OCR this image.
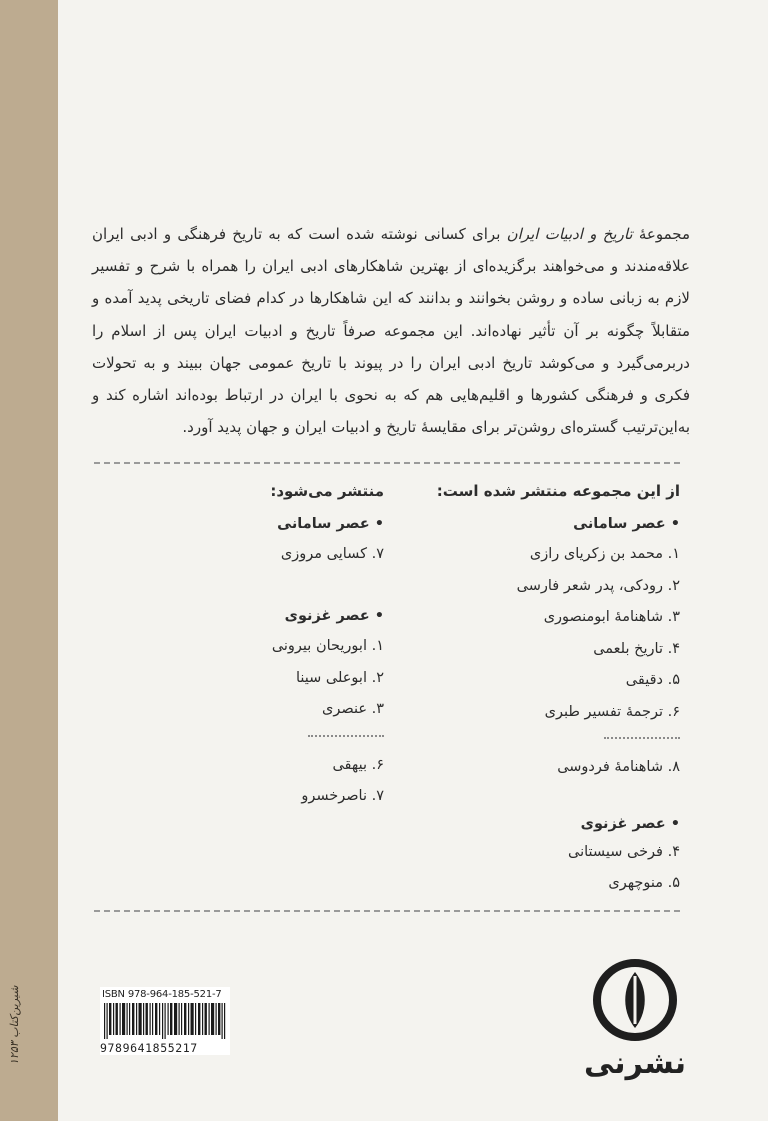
شیرین‌کتاب ۱۲۵۳
مجموعهٔ تاریخ و ادبیات ایران برای کسانی نوشته شده است که به تاریخ فرهنگی و ادبی ایران علاقه‌مندند و می‌خواهند برگزیده‌ای از بهترین شاهکارهای ادبی ایران را همراه با شرح و تفسیر لازم به زبانی ساده و روشن بخوانند و بدانند که این شاهکارها در کدام فضای تاریخی پدید آمده و متقابلاً چگونه بر آن تأثیر نهاده‌اند. این مجموعه صرفاً تاریخ و ادبیات ایران پس از اسلام را دربرمی‌گیرد و می‌کوشد تاریخ ادبی ایران را در پیوند با تاریخ عمومی جهان ببیند و به تحولات فکری و فرهنگی کشورها و اقلیم‌هایی هم که به نحوی با ایران در ارتباط بوده‌اند اشاره کند و به‌این‌ترتیب گستره‌ای روشن‌تر برای مقایسهٔ تاریخ و ادبیات ایران و جهان پدید آورد.
از این مجموعه منتشر شده است:
• عصر سامانی
۱. محمد بن زکریای رازی
۲. رودکی، پدر شعر فارسی
۳. شاهنامهٔ ابومنصوری
۴. تاریخ بلعمی
۵. دقیقی
۶. ترجمهٔ تفسیر طبری
۸. شاهنامهٔ فردوسی
• عصر غزنوی
۴. فرخی سیستانی
۵. منوچهری
منتشر می‌شود:
• عصر سامانی
۷. کسایی مروزی
• عصر غزنوی
۱. ابوریحان بیرونی
۲. ابوعلی سینا
۳. عنصری
۶. بیهقی
۷. ناصرخسرو
ISBN 978-964-185-521-7
9789641855217	نشرنی
